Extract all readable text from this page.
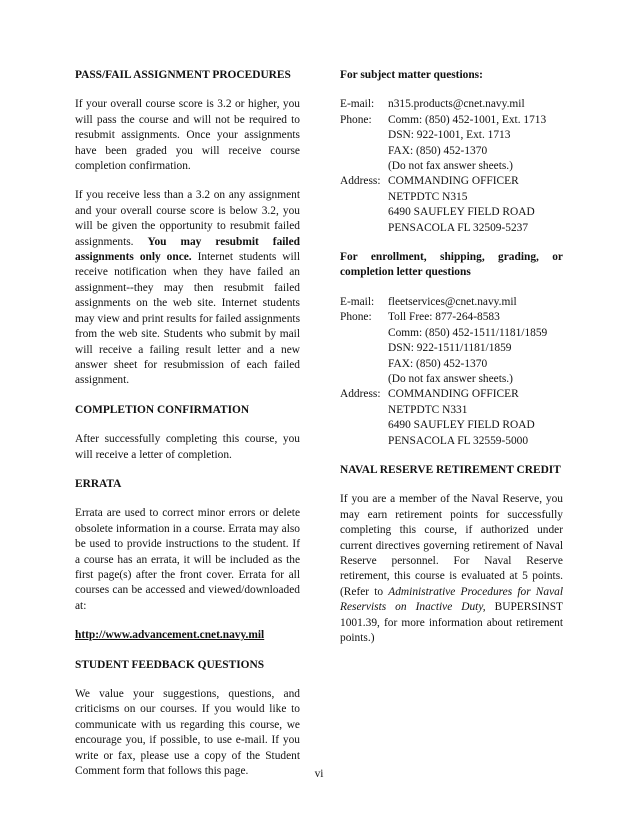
PASS/FAIL ASSIGNMENT PROCEDURES
If your overall course score is 3.2 or higher, you will pass the course and will not be required to resubmit assignments. Once your assignments have been graded you will receive course completion confirmation.
If you receive less than a 3.2 on any assignment and your overall course score is below 3.2, you will be given the opportunity to resubmit failed assignments. You may resubmit failed assignments only once. Internet students will receive notification when they have failed an assignment--they may then resubmit failed assignments on the web site. Internet students may view and print results for failed assignments from the web site. Students who submit by mail will receive a failing result letter and a new answer sheet for resubmission of each failed assignment.
COMPLETION CONFIRMATION
After successfully completing this course, you will receive a letter of completion.
ERRATA
Errata are used to correct minor errors or delete obsolete information in a course. Errata may also be used to provide instructions to the student. If a course has an errata, it will be included as the first page(s) after the front cover. Errata for all courses can be accessed and viewed/downloaded at:
http://www.advancement.cnet.navy.mil
STUDENT FEEDBACK QUESTIONS
We value your suggestions, questions, and criticisms on our courses. If you would like to communicate with us regarding this course, we encourage you, if possible, to use e-mail. If you write or fax, please use a copy of the Student Comment form that follows this page.
For subject matter questions:
E-mail:	n315.products@cnet.navy.mil
Phone:	Comm: (850) 452-1001, Ext. 1713
DSN: 922-1001, Ext. 1713
FAX: (850) 452-1370
(Do not fax answer sheets.)
Address: COMMANDING OFFICER
NETPDTC N315
6490 SAUFLEY FIELD ROAD
PENSACOLA FL 32509-5237
For enrollment, shipping, grading, or completion letter questions
E-mail:	fleetservices@cnet.navy.mil
Phone:	Toll Free: 877-264-8583
Comm: (850) 452-1511/1181/1859
DSN: 922-1511/1181/1859
FAX: (850) 452-1370
(Do not fax answer sheets.)
Address: COMMANDING OFFICER
NETPDTC N331
6490 SAUFLEY FIELD ROAD
PENSACOLA FL 32559-5000
NAVAL RESERVE RETIREMENT CREDIT
If you are a member of the Naval Reserve, you may earn retirement points for successfully completing this course, if authorized under current directives governing retirement of Naval Reserve personnel. For Naval Reserve retirement, this course is evaluated at 5 points. (Refer to Administrative Procedures for Naval Reservists on Inactive Duty, BUPERSINST 1001.39, for more information about retirement points.)
vi
